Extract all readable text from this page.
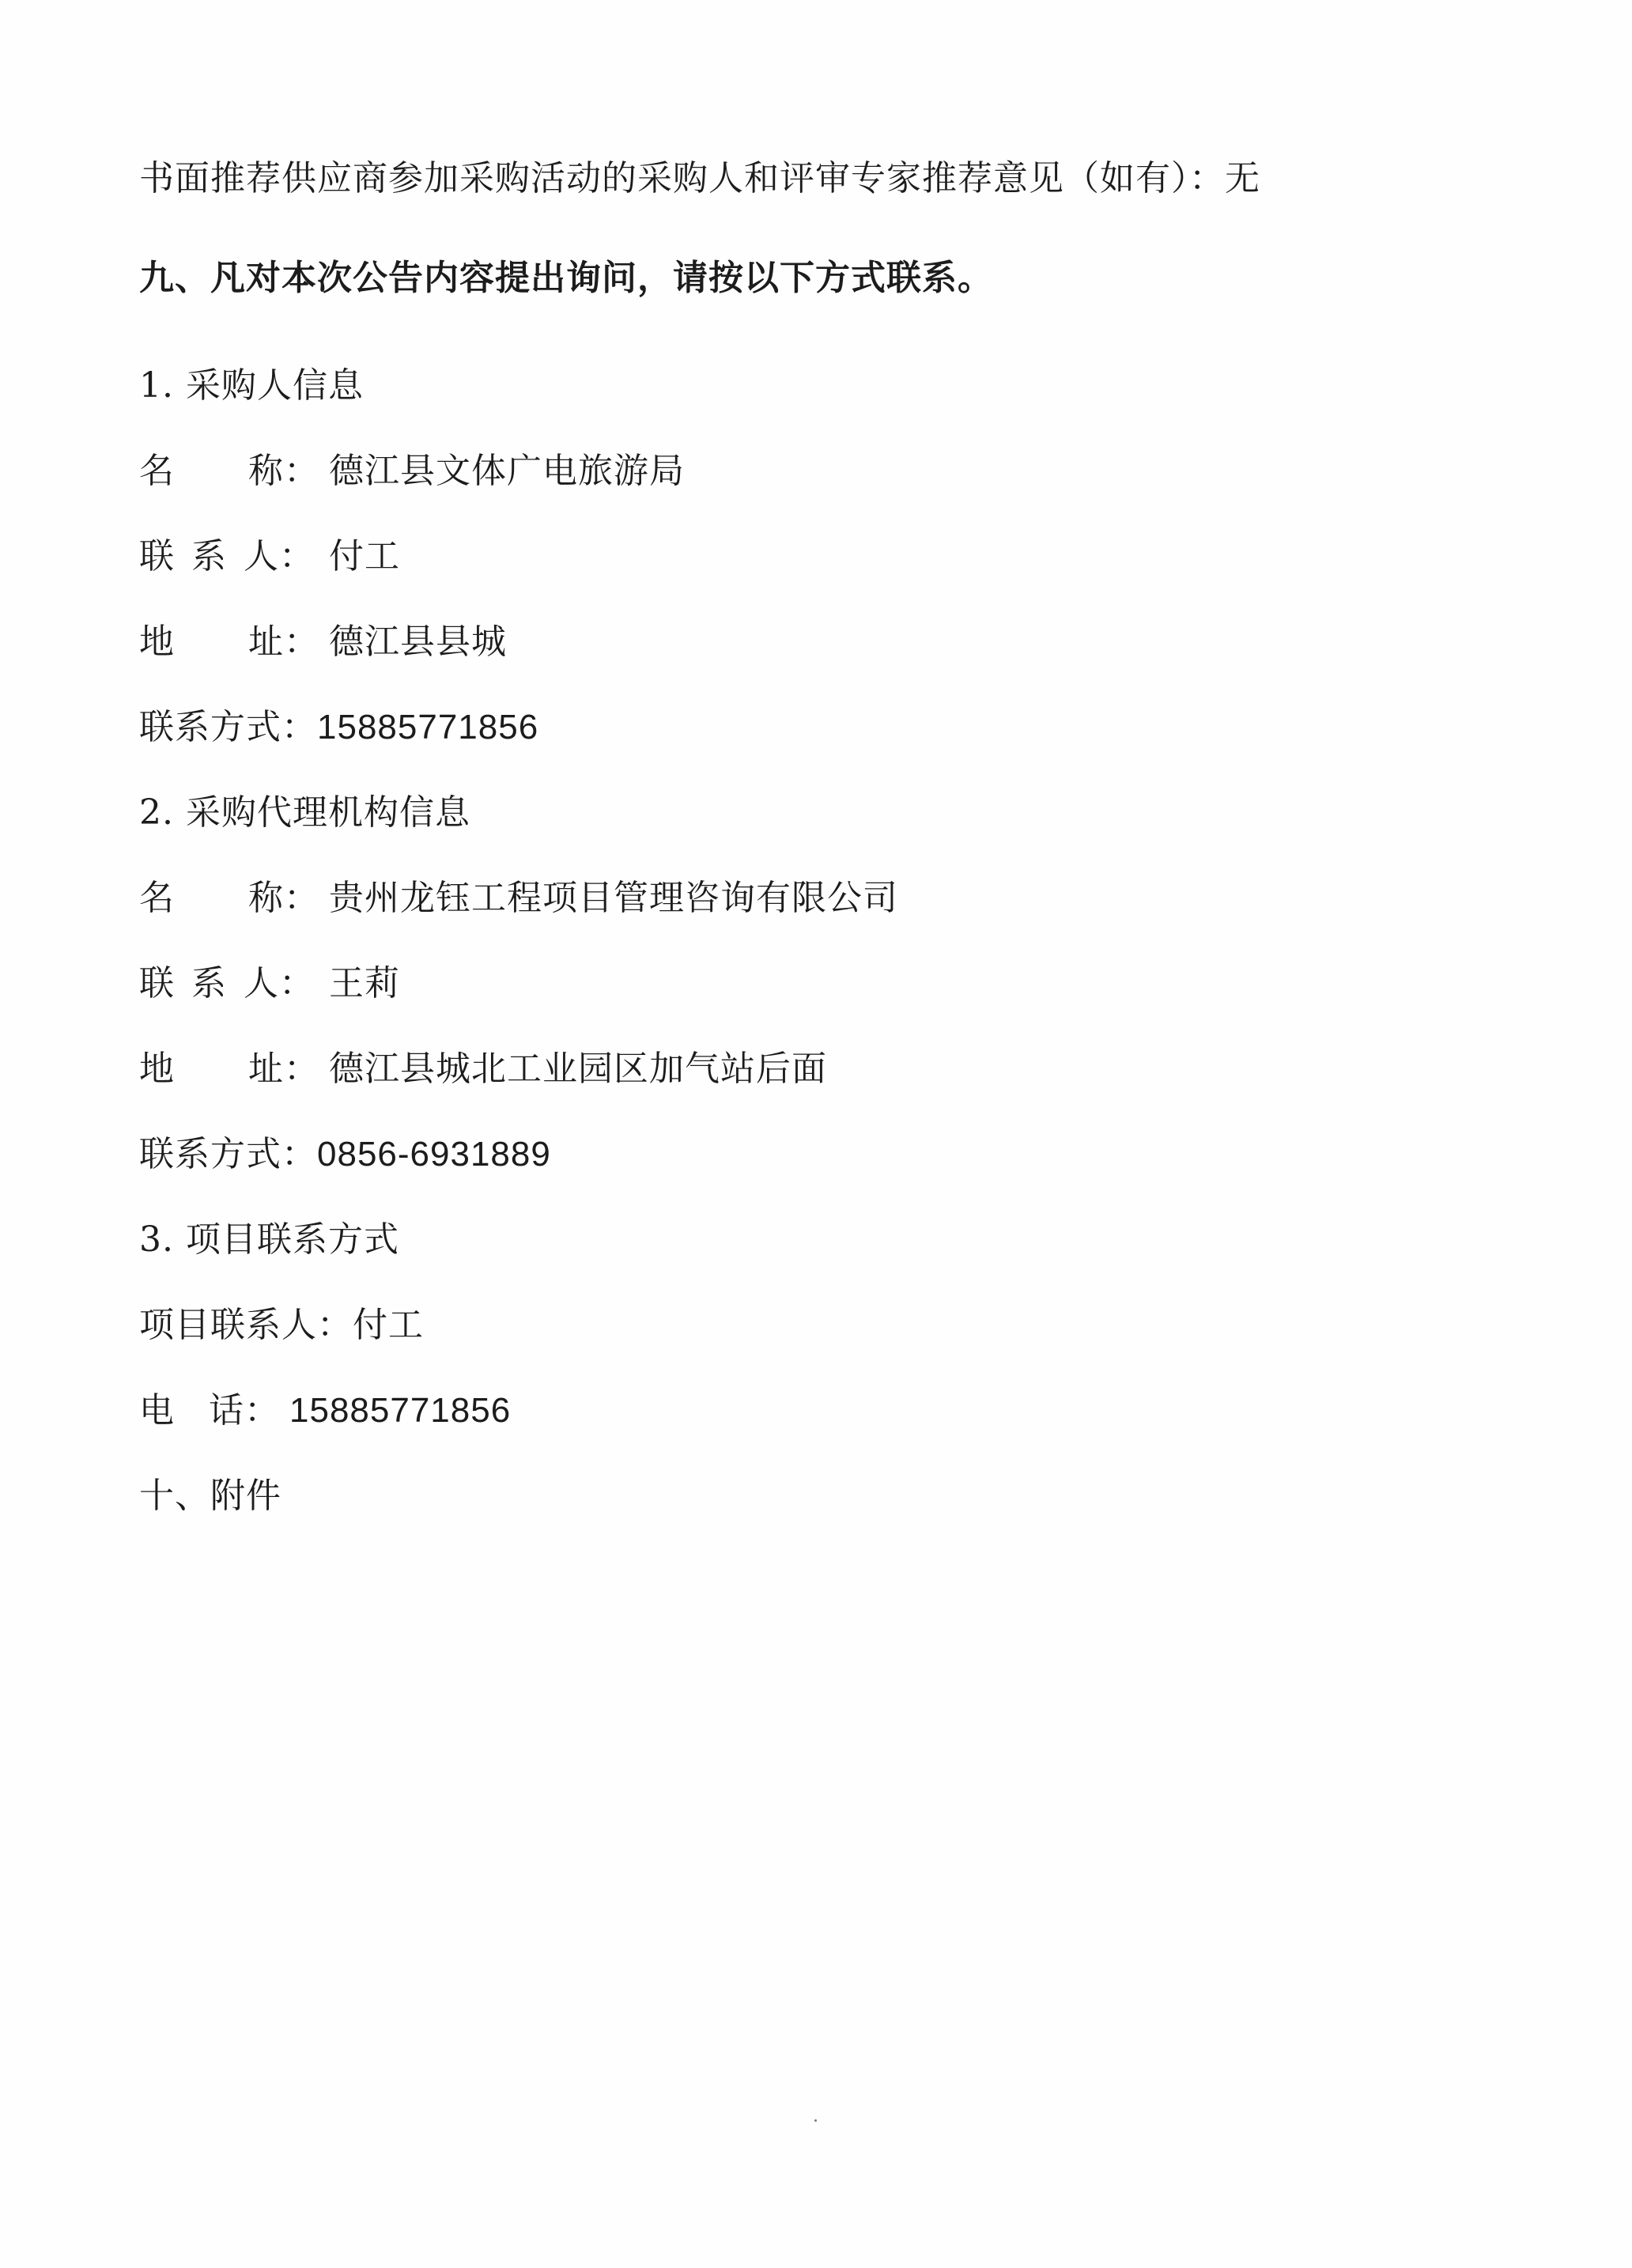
书面推荐供应商参加采购活动的采购人和评审专家推荐意见（如有）：无
九、凡对本次公告内容提出询问，请按以下方式联系。
1. 采购人信息
名 称： 德江县文体广电旅游局
联 系 人： 付工
地 址： 德江县县城
联系方式：15885771856
2. 采购代理机构信息
名 称： 贵州龙钰工程项目管理咨询有限公司
联 系 人： 王莉
地 址： 德江县城北工业园区加气站后面
联系方式：0856-6931889
3. 项目联系方式
项目联系人：付工
电 话： 15885771856
十、附件
